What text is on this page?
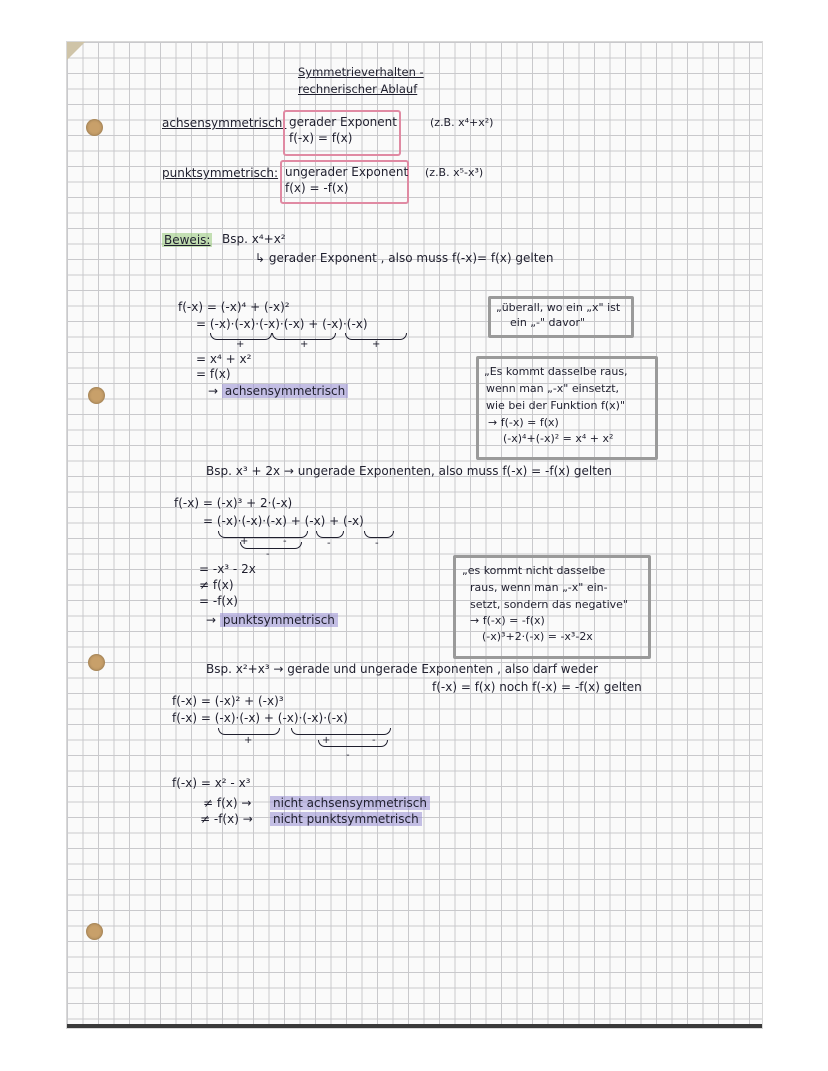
Symmetrieverhalten -
rechnerischer Ablauf
achsensymmetrisch: gerader Exponent
f(-x) = f(x)
(z.B. x⁴+x²)
punktsymmetrisch: ungerader Exponent
f(x) = -f(x)
(z.B. x⁵-x³)
Beweis: Bsp. x⁴+x²
↳ gerader Exponent , also muss f(-x)= f(x) gelten
f(-x) = (-x)⁴ + (-x)²
= (-x)·(-x)·(-x)·(-x) + (-x)·(-x)
+	+	+
= x⁴ + x²
= f(x)
→ achsensymmetrisch
„überall, wo ein „x" ist
ein „-" davor"
„Es kommt dasselbe raus,
wenn man „-x" einsetzt,
wie bei der Funktion f(x)"
→ f(-x) = f(x)
(-x)⁴+(-x)² = x⁴ + x²
Bsp. x³ + 2x → ungerade Exponenten, also muss f(-x) = -f(x) gelten
f(-x) = (-x)³ + 2·(-x)
= (-x)·(-x)·(-x) + (-x) + (-x)
+	-	-	-
-
= -x³ - 2x
≠ f(x)
= -f(x)
→ punktsymmetrisch
„es kommt nicht dasselbe
raus, wenn man „-x" ein-
setzt, sondern das negative"
→ f(-x) = -f(x)
(-x)³+2·(-x) = -x³-2x
Bsp. x²+x³ → gerade und ungerade Exponenten , also darf weder
f(-x) = f(x) noch f(-x) = -f(x) gelten
f(-x) = (-x)² + (-x)³
f(-x) = (-x)·(-x) + (-x)·(-x)·(-x)
+	+	-
-
f(-x) = x² - x³
≠ f(x) →
≠ -f(x) →
nicht achsensymmetrisch
nicht punktsymmetrisch
